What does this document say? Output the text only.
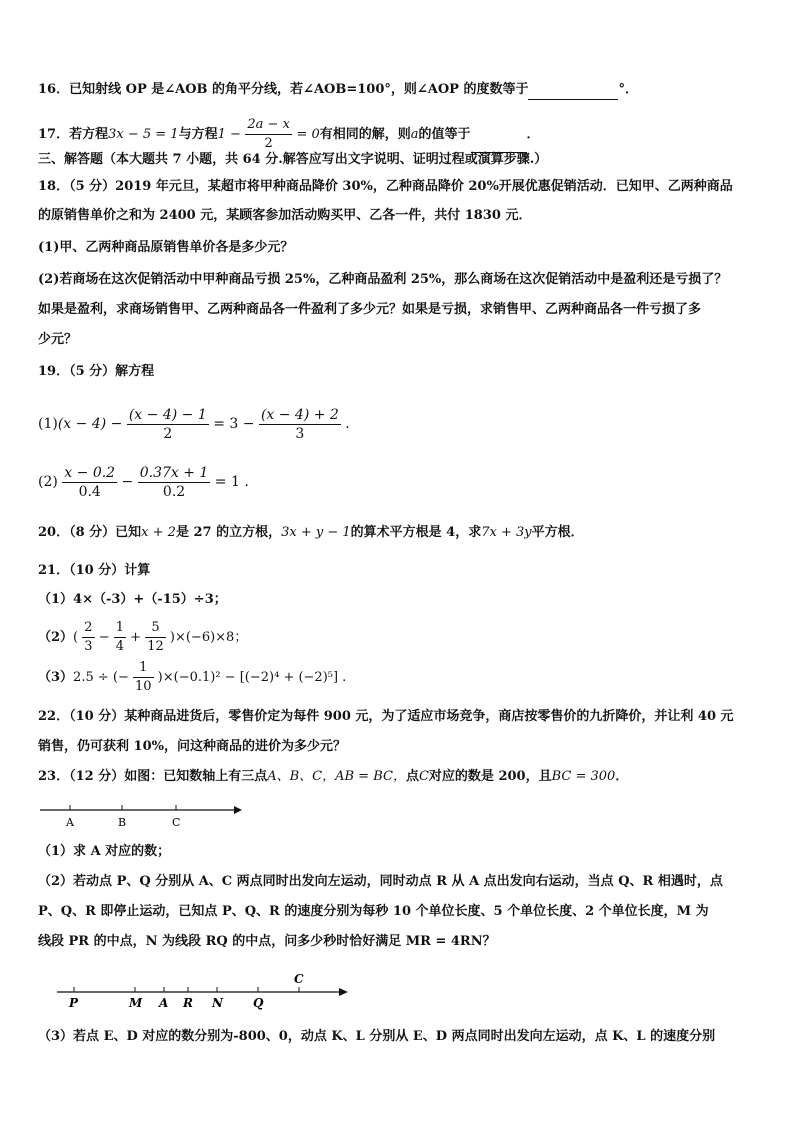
16．已知射线 OP 是∠AOB 的角平分线，若∠AOB=100°，则∠AOP 的度数等于	°．
17．若方程3x − 5 = 1与方程$1 - \frac{2a - x}{2} = 0$有相同的解，则a的值等于	．
三、解答题（本大题共 7 小题，共 64 分.解答应写出文字说明、证明过程或演算步骤.）
18．（5 分）2019 年元旦，某超市将甲种商品降价 30%，乙种商品降价 20%开展优惠促销活动．已知甲、乙两种商品
的原销售单价之和为 2400 元，某顾客参加活动购买甲、乙各一件，共付 1830 元．
(1)甲、乙两种商品原销售单价各是多少元？
(2)若商场在这次促销活动中甲种商品亏损 25%，乙种商品盈利 25%，那么商场在这次促销活动中是盈利还是亏损了？
如果是盈利，求商场销售甲、乙两种商品各一件盈利了多少元？如果是亏损，求销售甲、乙两种商品各一件亏损了多
少元？
19．（5 分）解方程
$(1)(x - 4) - \frac{(x - 4) - 1}{2} = 3 - \frac{(x - 4) + 2}{3}$ .
$(2) \frac{x - 0.2}{0.4} - \frac{0.37x + 1}{0.2} = 1$ .
20．（8 分）已知x + 2是 27 的立方根，3x + y − 1的算术平方根是 4，求7x + 3y平方根．
21．（10 分）计算
（1）4×（-3）+（-15）÷3；
$(2)( \frac{2}{3} - \frac{1}{4} + \frac{5}{12} )\times(-6)\times 8$；
（3）2.5 ÷ (− $\frac{1}{10} )\times(-0.1)^2 - [(-2)^4 + (-2)^5]$ .
22．（10 分）某种商品进货后，零售价定为每件 900 元，为了适应市场竞争，商店按零售价的九折降价，并让利 40 元
销售，仍可获利 10%，问这种商品的进价为多少元？
23．（12 分）如图：已知数轴上有三点A、B、C，AB = BC，点C对应的数是 200，且BC = 300．
A	B	C
（1）求 A 对应的数；
（2）若动点 P、Q 分别从 A、C 两点同时出发向左运动，同时动点 R 从 A 点出发向右运动，当点 Q、R 相遇时，点
P、Q、R 即停止运动，已知点 P、Q、R 的速度分别为每秒 10 个单位长度、5 个单位长度、2 个单位长度，M 为
线段 PR 的中点，N 为线段 RQ 的中点，问多少秒时恰好满足 MR = 4RN？
P	M A R N	Q
C
（3）若点 E、D 对应的数分别为-800、0，动点 K、L 分别从 E、D 两点同时出发向左运动，点 K、L 的速度分别
